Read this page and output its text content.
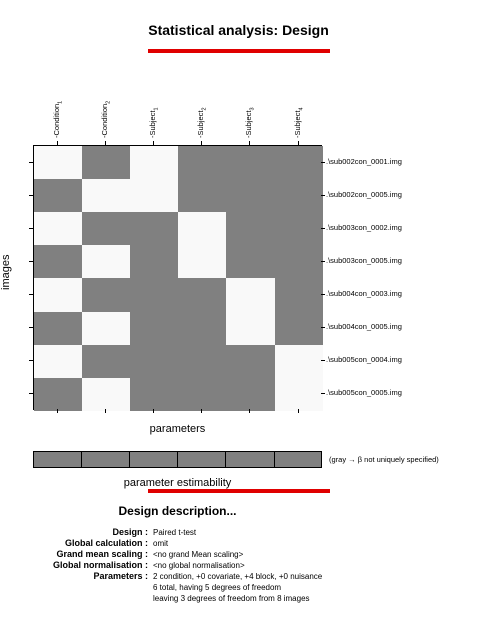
Statistical analysis: Design
-Condition$_1$
-Condition$_2$
-Subject$_1$
-Subject$_2$
-Subject$_3$
-Subject$_4$
.\sub002con_0001.img
.\sub002con_0005.img
.\sub003con_0002.img
.\sub003con_0005.img
.\sub004con_0003.img
.\sub004con_0005.img
.\sub005con_0004.img
.\sub005con_0005.img
images
parameters
(gray → β not uniquely specified)
parameter estimability
Design description...
Design : Paired t-test
Global calculation : omit
Grand mean scaling : <no grand Mean scaling>
Global normalisation : <no global normalisation>
Parameters : 2 condition, +0 covariate, +4 block, +0 nuisance
6 total, having 5 degrees of freedom
leaving 3 degrees of freedom from 8 images
